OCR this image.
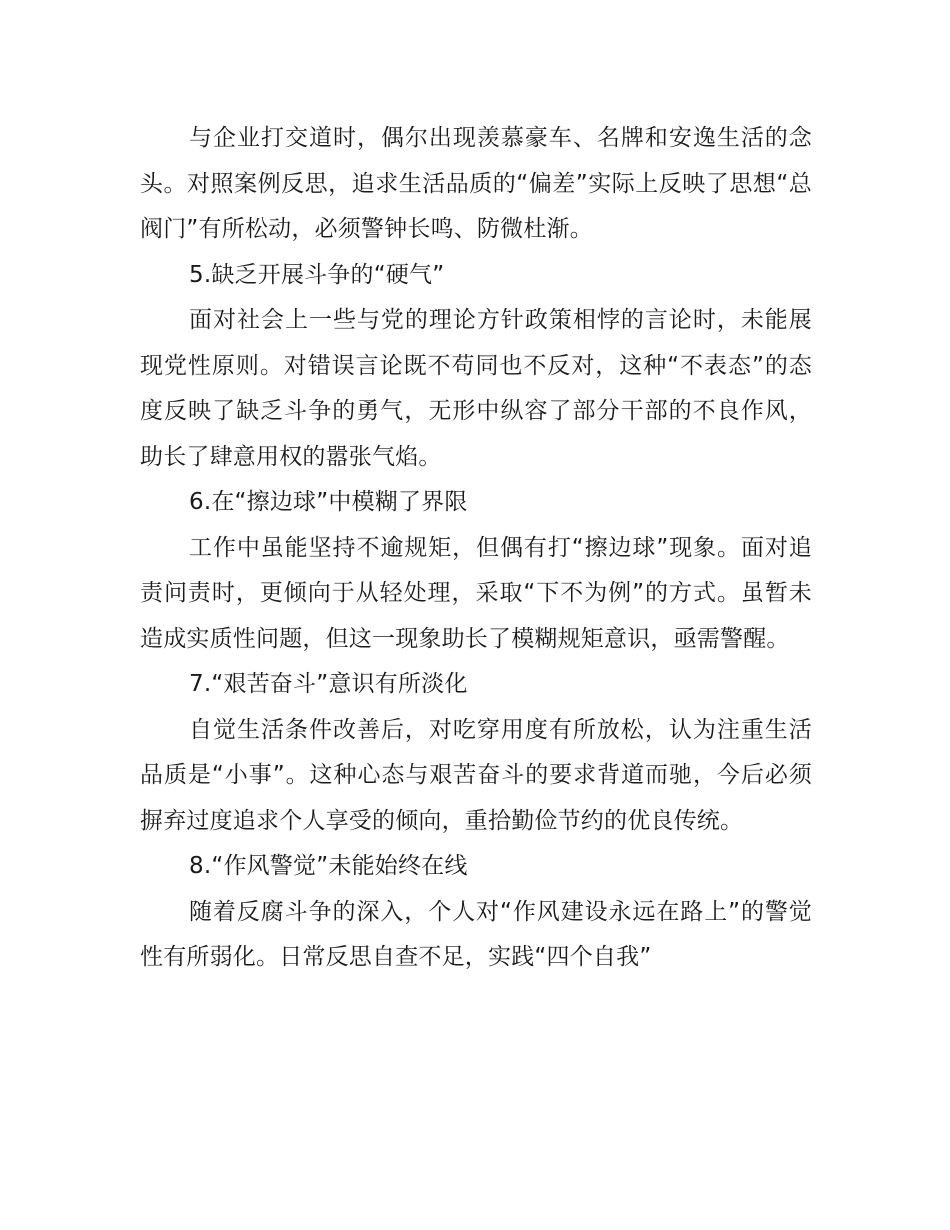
与企业打交道时，偶尔出现羡慕豪车、名牌和安逸生活的念头。对照案例反思，追求生活品质的“偏差”实际上反映了思想“总阀门”有所松动，必须警钟长鸣、防微杜渐。

5.缺乏开展斗争的“硬气”

面对社会上一些与党的理论方针政策相悖的言论时，未能展现党性原则。对错误言论既不苟同也不反对，这种“不表态”的态度反映了缺乏斗争的勇气，无形中纵容了部分干部的不良作风，助长了肆意用权的嚣张气焰。

6.在“擦边球”中模糊了界限

工作中虽能坚持不逾规矩，但偶有打“擦边球”现象。面对追责问责时，更倾向于从轻处理，采取“下不为例”的方式。虽暂未造成实质性问题，但这一现象助长了模糊规矩意识，亟需警醒。

7.“艰苦奋斗”意识有所淡化

自觉生活条件改善后，对吃穿用度有所放松，认为注重生活品质是“小事”。这种心态与艰苦奋斗的要求背道而驰，今后必须摒弃过度追求个人享受的倾向，重拾勤俭节约的优良传统。

8.“作风警觉”未能始终在线

随着反腐斗争的深入，个人对“作风建设永远在路上”的警觉性有所弱化。日常反思自查不足，实践“四个自我”
